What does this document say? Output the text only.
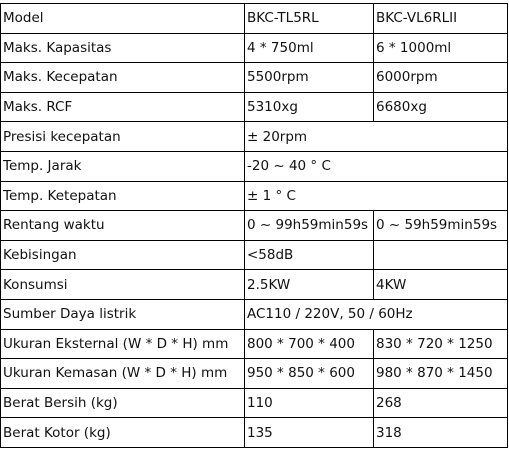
Model	BKC-TL5RL	BKC-VL6RLII
Maks. Kapasitas	4 * 750ml	6 * 1000ml
Maks. Kecepatan	5500rpm	6000rpm
Maks. RCF	5310xg	6680xg
Presisi kecepatan	± 20rpm	
Temp. Jarak	-20 ~ 40 ° C	
Temp. Ketepatan	± 1 ° C	
Rentang waktu	0 ~ 99h59min59s	0 ~ 59h59min59s
Kebisingan	<58dB	
Konsumsi	2.5KW	4KW
Sumber Daya listrik	AC110 / 220V, 50 / 60Hz	
Ukuran Eksternal (W * D * H) mm	800 * 700 * 400	830 * 720 * 1250
Ukuran Kemasan (W * D * H) mm	950 * 850 * 600	980 * 870 * 1450
Berat Bersih (kg)	110	268
Berat Kotor (kg)	135	318
